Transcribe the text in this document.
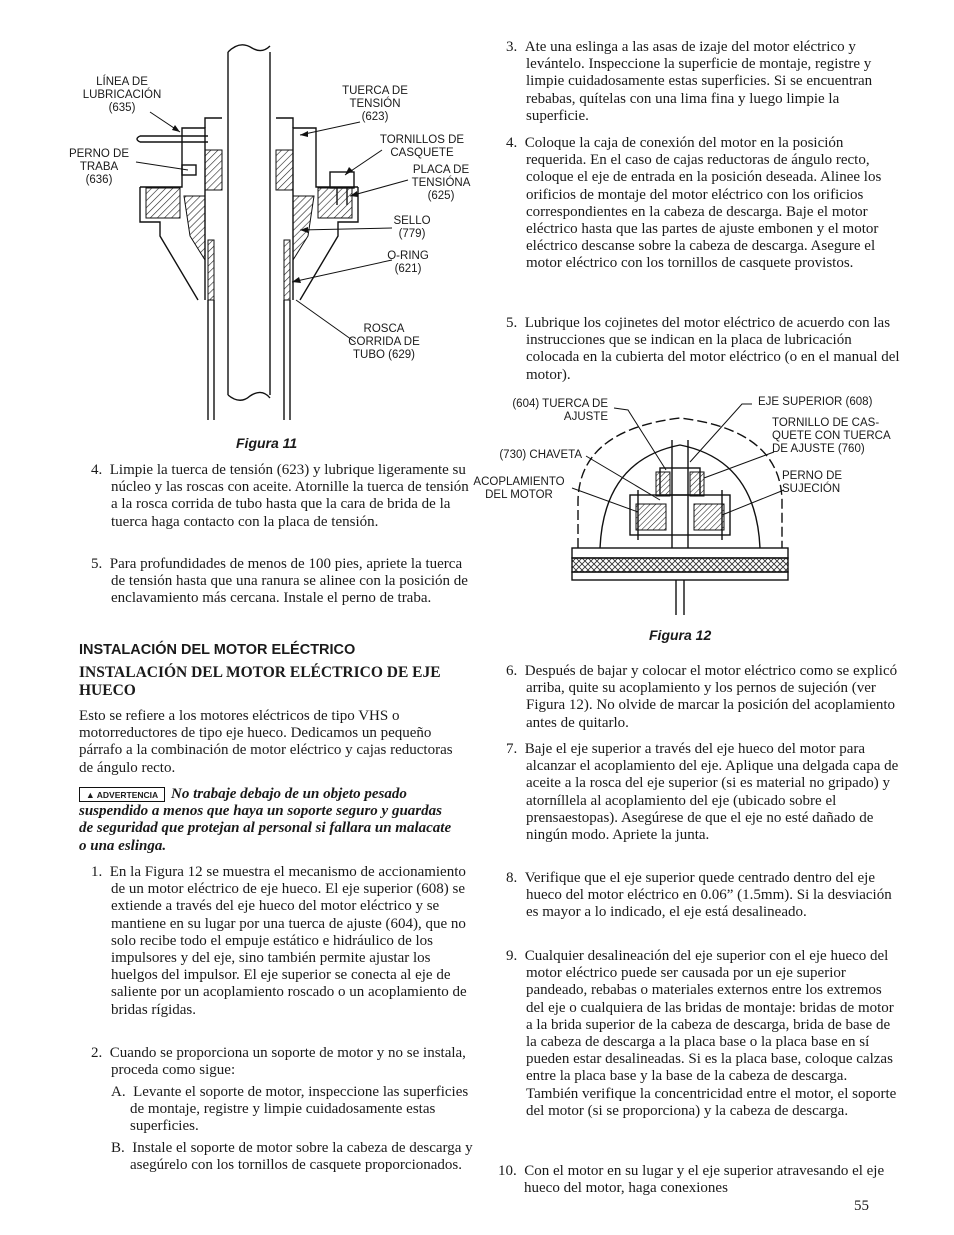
LÍNEA DE
LUBRICACIÓN
(635)
PERNO DE
TRABA
(636)
TUERCA DE
TENSIÓN
(623)
TORNILLOS DE
CASQUETE
PLACA DE
TENSIÓNA
(625)
SELLO
(779)
O-RING
(621)
ROSCA
CORRIDA DE
TUBO (629)
Figura 11
4. Limpie la tuerca de tensión (623) y lubrique ligeramente su núcleo y las roscas con aceite. Atornille la tuerca de tensión a la rosca corrida de tubo hasta que la cara de brida de la tuerca haga contacto con la placa de tensión.
5. Para profundidades de menos de 100 pies, apriete la tuerca de tensión hasta que una ranura se alinee con la posición de enclavamiento más cercana. Instale el perno de traba.
INSTALACIÓN DEL MOTOR ELÉCTRICO
INSTALACIÓN DEL MOTOR ELÉCTRICO DE EJE HUECO
Esto se refiere a los motores eléctricos de tipo VHS o motorreductores de tipo eje hueco. Dedicamos un pequeño párrafo a la combinación de motor eléctrico y cajas reductoras de ángulo recto.
▲ ADVERTENCIA No trabaje debajo de un objeto pesado suspendido a menos que haya un soporte seguro y guardas de seguridad que protejan al personal si fallara un malacate o una eslinga.
1. En la Figura 12 se muestra el mecanismo de accionamiento de un motor eléctrico de eje hueco. El eje superior (608) se extiende a través del eje hueco del motor eléctrico y se mantiene en su lugar por una tuerca de ajuste (604), que no solo recibe todo el empuje estático e hidráulico de los impulsores y del eje, sino también permite ajustar los huelgos del impulsor. El eje superior se conecta al eje de saliente por un acoplamiento roscado o un acoplamiento de bridas rígidas.
2. Cuando se proporciona un soporte de motor y no se instala, proceda como sigue:
A. Levante el soporte de motor, inspeccione las superficies de montaje, registre y limpie cuidadosamente estas superficies.
B. Instale el soporte de motor sobre la cabeza de descarga y asegúrelo con los tornillos de casquete proporcionados.
3. Ate una eslinga a las asas de izaje del motor eléctrico y levántelo. Inspeccione la superficie de montaje, registre y limpie cuidadosamente estas superficies. Si se encuentran rebabas, quítelas con una lima fina y luego limpie la superficie.
4. Coloque la caja de conexión del motor en la posición requerida. En el caso de cajas reductoras de ángulo recto, coloque el eje de entrada en la posición deseada. Alinee los orificios de montaje del motor eléctrico con los orificios correspondientes en la cabeza de descarga. Baje el motor eléctrico hasta que las partes de ajuste embonen y el motor eléctrico descanse sobre la cabeza de descarga. Asegure el motor eléctrico con los tornillos de casquete provistos.
5. Lubrique los cojinetes del motor eléctrico de acuerdo con las instrucciones que se indican en la placa de lubricación colocada en la cubierta del motor eléctrico (o en el manual del motor).
6. Después de bajar y colocar el motor eléctrico como se explicó arriba, quite su acoplamiento y los pernos de sujeción (ver Figura 12). No olvide de marcar la posición del acoplamiento antes de quitarlo.
7. Baje el eje superior a través del eje hueco del motor para alcanzar el acoplamiento del eje. Aplique una delgada capa de aceite a la rosca del eje superior (si es material no gripado) y atorníllela al acoplamiento del eje (ubicado sobre el prensaestopas). Asegúrese de que el eje no esté dañado de ningún modo. Apriete la junta.
8. Verifique que el eje superior quede centrado dentro del eje hueco del motor eléctrico en 0.06” (1.5mm). Si la desviación es mayor a lo indicado, el eje está desalineado.
9. Cualquier desalineación del eje superior con el eje hueco del motor eléctrico puede ser causada por un eje superior pandeado, rebabas o materiales externos entre los extremos del eje o cualquiera de las bridas de montaje: bridas de motor a la brida superior de la cabeza de descarga, brida de base de la cabeza de descarga a la placa base o la placa base en sí pueden estar desalineadas. Si es la placa base, coloque calzas entre la placa base y la base de la cabeza de descarga. También verifique la concentricidad entre el motor, el soporte del motor (si se proporciona) y la cabeza de descarga.
10. Con el motor en su lugar y el eje superior atravesando el eje hueco del motor, haga conexiones
(604) TUERCA DE
AJUSTE
(730) CHAVETA
ACOPLAMIENTO
DEL MOTOR
EJE SUPERIOR (608)
TORNILLO DE CAS-
QUETE CON TUERCA
DE AJUSTE (760)
PERNO DE
SUJECIÓN
Figura 12
55
